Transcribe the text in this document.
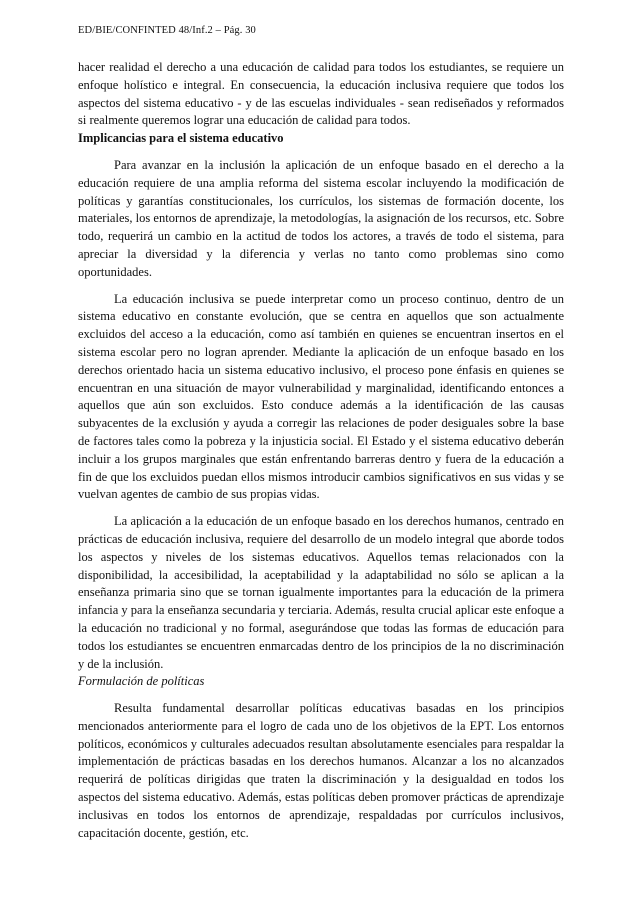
ED/BIE/CONFINTED 48/Inf.2 – Pág. 30

hacer realidad el derecho a una educación de calidad para todos los estudiantes, se requiere un enfoque holístico e integral. En consecuencia, la educación inclusiva requiere que todos los aspectos del sistema educativo - y de las escuelas individuales - sean rediseñados y reformados si realmente queremos lograr una educación de calidad para todos.

Implicancias para el sistema educativo

Para avanzar en la inclusión la aplicación de un enfoque basado en el derecho a la educación requiere de una amplia reforma del sistema escolar incluyendo la modificación de políticas y garantías constitucionales, los currículos, los sistemas de formación docente, los materiales, los entornos de aprendizaje, la metodologías, la asignación de los recursos, etc. Sobre todo, requerirá un cambio en la actitud de todos los actores, a través de todo el sistema, para apreciar la diversidad y la diferencia y verlas no tanto como problemas sino como oportunidades.

La educación inclusiva se puede interpretar como un proceso continuo, dentro de un sistema educativo en constante evolución, que se centra en aquellos que son actualmente excluidos del acceso a la educación, como así también en quienes se encuentran insertos en el sistema escolar pero no logran aprender. Mediante la aplicación de un enfoque basado en los derechos orientado hacia un sistema educativo inclusivo, el proceso pone énfasis en quienes se encuentran en una situación de mayor vulnerabilidad y marginalidad, identificando entonces a aquellos que aún son excluidos. Esto conduce además a la identificación de las causas subyacentes de la exclusión y ayuda a corregir las relaciones de poder desiguales sobre la base de factores tales como la pobreza y la injusticia social. El Estado y el sistema educativo deberán incluir a los grupos marginales que están enfrentando barreras dentro y fuera de la educación a fin de que los excluidos puedan ellos mismos introducir cambios significativos en sus vidas y se vuelvan agentes de cambio de sus propias vidas.

La aplicación a la educación de un enfoque basado en los derechos humanos, centrado en prácticas de educación inclusiva, requiere del desarrollo de un modelo integral que aborde todos los aspectos y niveles de los sistemas educativos. Aquellos temas relacionados con la disponibilidad, la accesibilidad, la aceptabilidad y la adaptabilidad no sólo se aplican a la enseñanza primaria sino que se tornan igualmente importantes para la educación de la primera infancia y para la enseñanza secundaria y terciaria. Además, resulta crucial aplicar este enfoque a la educación no tradicional y no formal, asegurándose que todas las formas de educación para todos los estudiantes se encuentren enmarcadas dentro de los principios de la no discriminación y de la inclusión.

Formulación de políticas

Resulta fundamental desarrollar políticas educativas basadas en los principios mencionados anteriormente para el logro de cada uno de los objetivos de la EPT. Los entornos políticos, económicos y culturales adecuados resultan absolutamente esenciales para respaldar la implementación de prácticas basadas en los derechos humanos. Alcanzar a los no alcanzados requerirá de políticas dirigidas que traten la discriminación y la desigualdad en todos los aspectos del sistema educativo. Además, estas políticas deben promover prácticas de aprendizaje inclusivas en todos los entornos de aprendizaje, respaldadas por currículos inclusivos, capacitación docente, gestión, etc.
